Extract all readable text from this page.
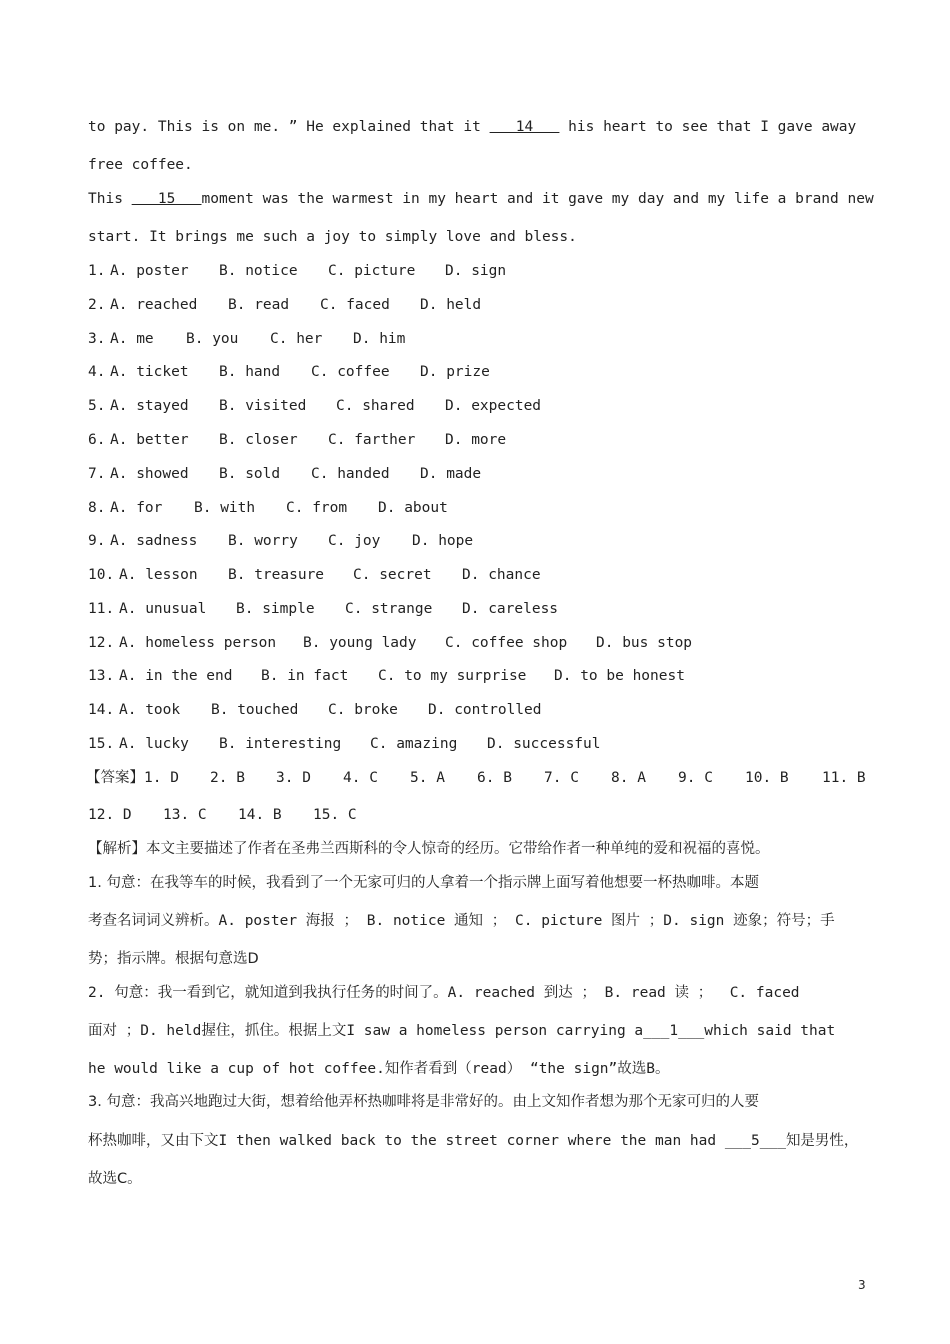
to pay. This is on me. ” He explained that it    14    his heart to see that I gave away
free coffee.
This    15   moment was the warmest in my heart and it gave my day and my life a brand new
start. It brings me such a joy to simply love and bless.
1. A. poster B. notice C. picture D. sign
2. A. reached B. read C. faced D. held
3. A. me B. you C. her D. him
4. A. ticket B. hand C. coffee D. prize
5. A. stayed B. visited C. shared D. expected
6. A. better B. closer C. farther D. more
7. A. showed B. sold C. handed D. made
8. A. for B. with C. from D. about
9. A. sadness B. worry C. joy D. hope
10. A. lesson B. treasure C. secret D. chance
11. A. unusual B. simple C. strange D. careless
12. A. homeless person B. young lady C. coffee shop D. bus stop
13. A. in the end B. in fact C. to my surprise D. to be honest
14. A. took B. touched C. broke D. controlled
15. A. lucky B. interesting C. amazing D. successful

【答案】

1. D

2. B

3. D

4. C

5. A

6. B

7. C

8. A

9. C

10. B

11. B

12. D

13. C

14. B

15. C

【解析】本文主要描述了作者在圣弗兰西斯科的令人惊奇的经历。它带给作者一种单纯的爱和祝福的喜悦。
1. 句意：在我等车的时候，我看到了一个无家可归的人拿着一个指示牌上面写着他想要一杯热咖啡。本题
考查名词词义辨析。A. poster 海报 ； B. notice 通知 ； C. picture 图片 ；D. sign 迹象；符号；手
势；指示牌。根据句意选D
2. 句意：我一看到它，就知道到我执行任务的时间了。A. reached 到达 ； B. read 读 ；  C. faced
面对 ；D. held握住，抓住。根据上文I saw a homeless person carrying a___1___which said that
he would like a cup of hot coffee.知作者看到（read） “the sign”故选B。
3. 句意：我高兴地跑过大街，想着给他弄杯热咖啡将是非常好的。由上文知作者想为那个无家可归的人要
杯热咖啡，又由下文I then walked back to the street corner where the man had ___5___知是男性，
故选C。
3
